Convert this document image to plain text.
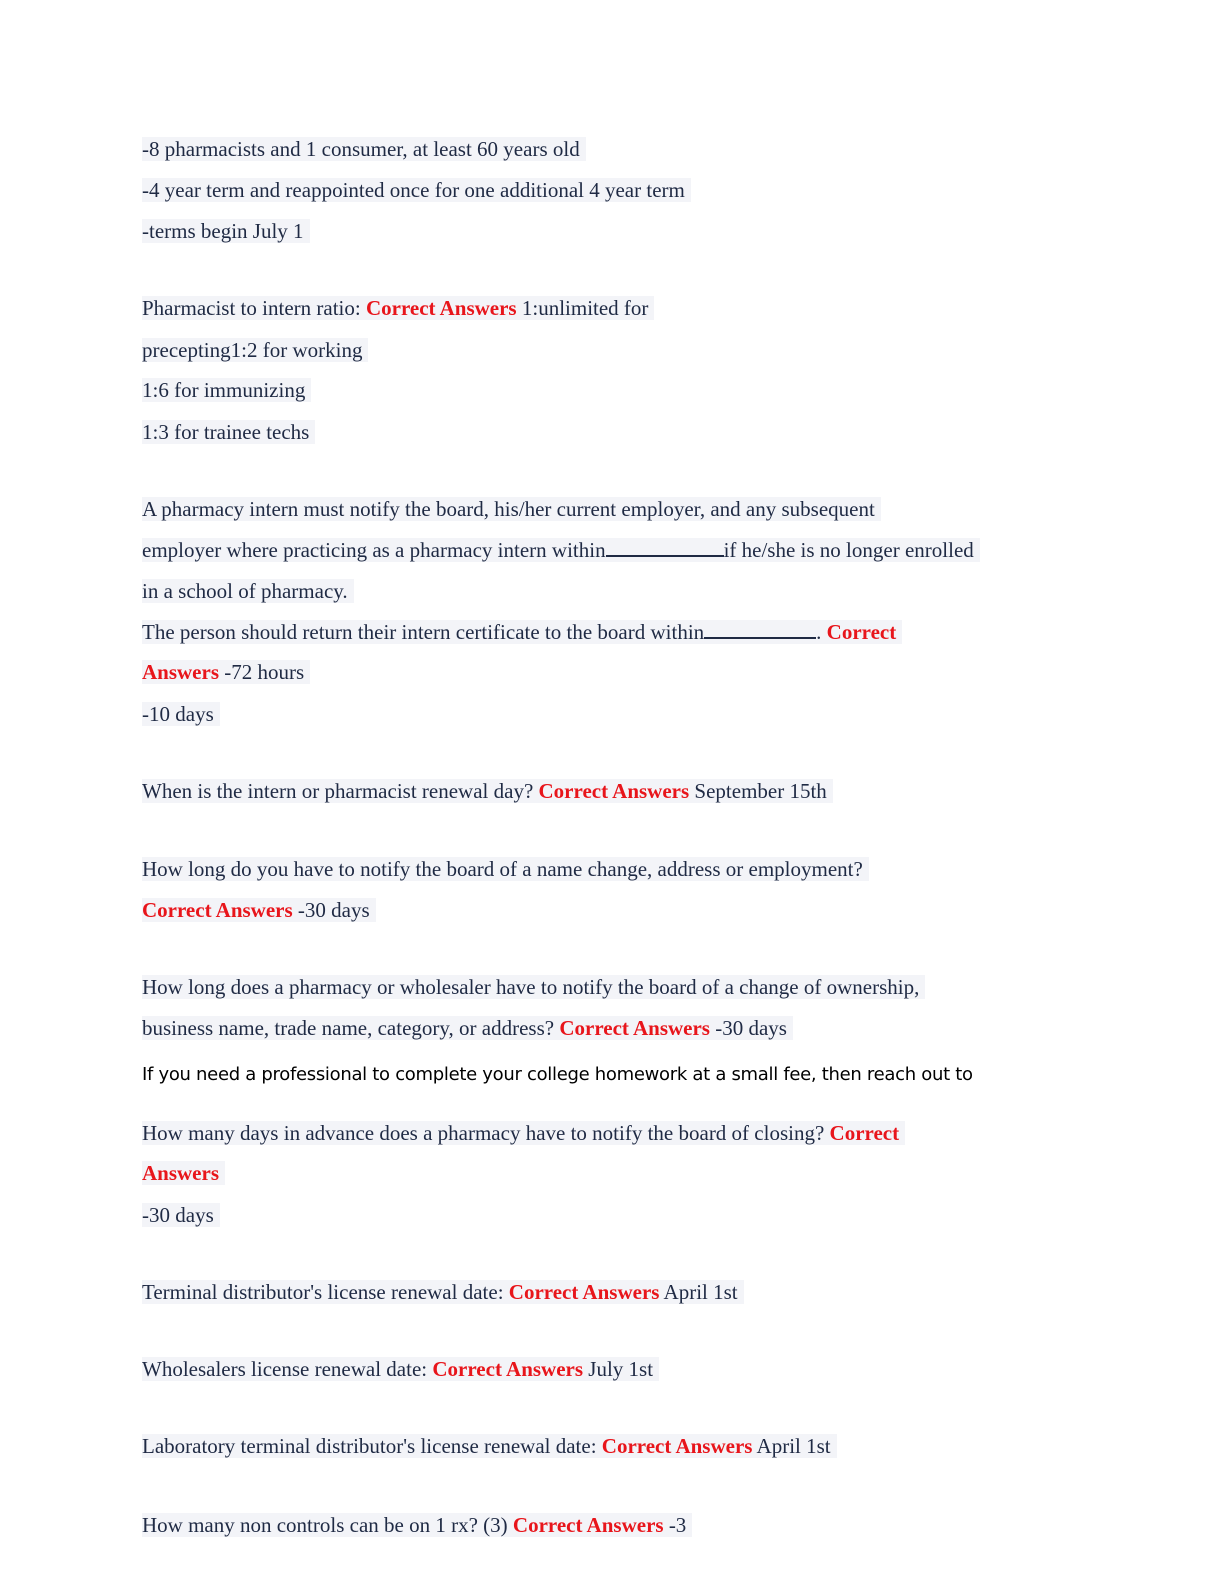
-8 pharmacists and 1 consumer, at least 60 years old
-4 year term and reappointed once for one additional 4 year term
-terms begin July 1
Pharmacist to intern ratio: Correct Answers 1:unlimited for
precepting1:2 for working
1:6 for immunizing
1:3 for trainee techs
A pharmacy intern must notify the board, his/her current employer, and any subsequent
employer where practicing as a pharmacy intern within	if he/she is no longer enrolled
in a school of pharmacy.
The person should return their intern certificate to the board within	. Correct
Answers -72 hours
-10 days
When is the intern or pharmacist renewal day? Correct Answers September 15th
How long do you have to notify the board of a name change, address or employment?
Correct Answers -30 days
How long does a pharmacy or wholesaler have to notify the board of a change of ownership,
business name, trade name, category, or address? Correct Answers -30 days
If you need a professional to complete your college homework at a small fee, then reach out to
How many days in advance does a pharmacy have to notify the board of closing? Correct
Answers
-30 days
Terminal distributor's license renewal date: Correct Answers April 1st
Wholesalers license renewal date: Correct Answers July 1st
Laboratory terminal distributor's license renewal date: Correct Answers April 1st
How many non controls can be on 1 rx? (3) Correct Answers -3
